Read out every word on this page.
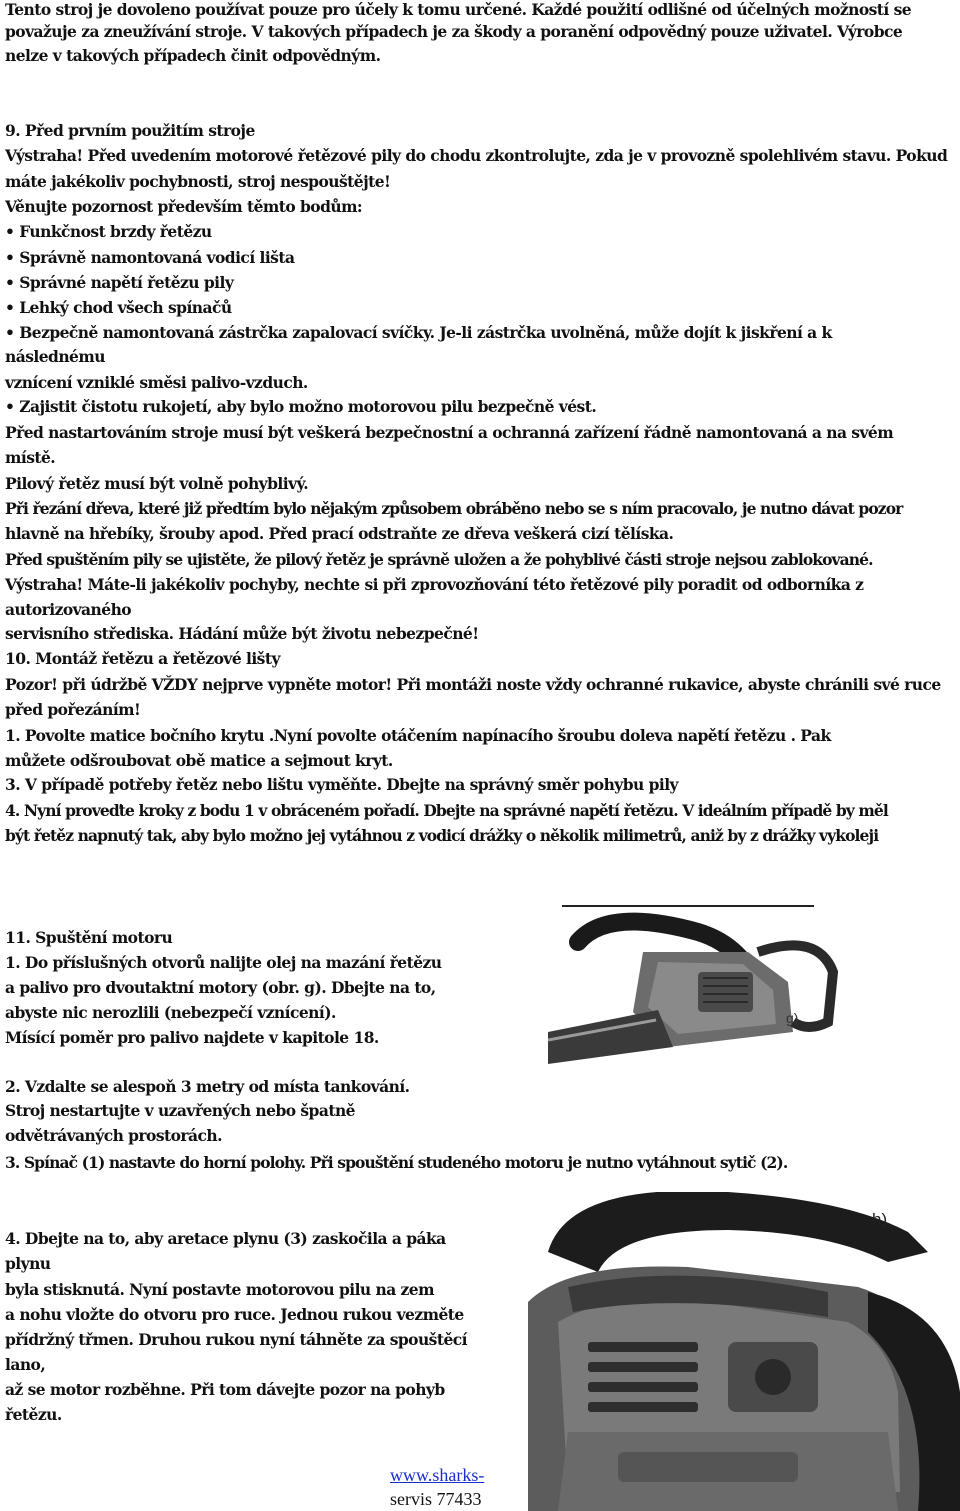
Tento stroj je dovoleno používat pouze pro účely k tomu určené. Každé použití odlišné od účelných možností se
považuje za zneužívání stroje. V takových případech je za škody a poranění odpovědný pouze uživatel. Výrobce
nelze v takových případech činit odpovědným.
9. Před prvním použitím stroje
Výstraha! Před uvedením motorové řetězové pily do chodu zkontrolujte, zda je v provozně spolehlivém stavu. Pokud
máte jakékoliv pochybnosti, stroj nespouštějte!
Věnujte pozornost především těmto bodům:
• Funkčnost brzdy řetězu
• Správně namontovaná vodicí lišta
• Správné napětí řetězu pily
• Lehký chod všech spínačů
• Bezpečně namontovaná zástrčka zapalovací svíčky. Je-li zástrčka uvolněná, může dojít k jiskření a k
následnému
vznícení vzniklé směsi palivo-vzduch.
• Zajistit čistotu rukojetí, aby bylo možno motorovou pilu bezpečně vést.
Před nastartováním stroje musí být veškerá bezpečnostní a ochranná zařízení řádně namontovaná a na svém
místě.
Pilový řetěz musí být volně pohyblivý.
Při řezání dřeva, které již předtím bylo nějakým způsobem obráběno nebo se s ním pracovalo, je nutno dávat pozor
hlavně na hřebíky, šrouby apod. Před prací odstraňte ze dřeva veškerá cizí tělíska.
Před spuštěním pily se ujistěte, že pilový řetěz je správně uložen a že pohyblivé části stroje nejsou zablokované.
Výstraha! Máte-li jakékoliv pochyby, nechte si při zprovozňování této řetězové pily poradit od odborníka z
autorizovaného
servisního střediska. Hádání může být životu nebezpečné!
10. Montáž řetězu a řetězové lišty
Pozor! při údržbě VŽDY nejprve vypněte motor! Při montáži noste vždy ochranné rukavice, abyste chránili své ruce
před pořezáním!
1. Povolte matice bočního krytu .Nyní povolte otáčením napínacího šroubu doleva napětí řetězu . Pak
můžete odšroubovat obě matice a sejmout kryt.
3. V případě potřeby řetěz nebo lištu vyměňte. Dbejte na správný směr pohybu pily
4. Nyní proveďte kroky z bodu 1 v obráceném pořadí. Dbejte na správné napětí řetězu. V ideálním případě by měl
být řetěz napnutý tak, aby bylo možno jej vytáhnou z vodicí drážky o několik milimetrů, aniž by z drážky vykoleji
11. Spuštění motoru
1. Do příslušných otvorů nalijte olej na mazání řetězu
a palivo pro dvoutaktní motory (obr. g). Dbejte na to,
abyste nic nerozlili (nebezpečí vznícení).
Mísící poměr pro palivo najdete v kapitole 18.
2. Vzdalte se alespoň 3 metry od místa tankování.
Stroj nestartujte v uzavřených nebo špatně
odvětrávaných prostorách.
3. Spínač (1) nastavte do horní polohy. Při spouštění studeného motoru je nutno vytáhnout sytič (2).
4. Dbejte na to, aby aretace plynu (3) zaskočila a páka
plynu
byla stisknutá. Nyní postavte motorovou pilu na zem
a nohu vložte do otvoru pro ruce. Jednou rukou vezměte
přídržný třmen. Druhou rukou nyní táhněte za spouštěcí
lano,
až se motor rozběhne. Při tom dávejte pozor na pohyb
řetězu.
g)
h)
www.sharks-
servis 77433
